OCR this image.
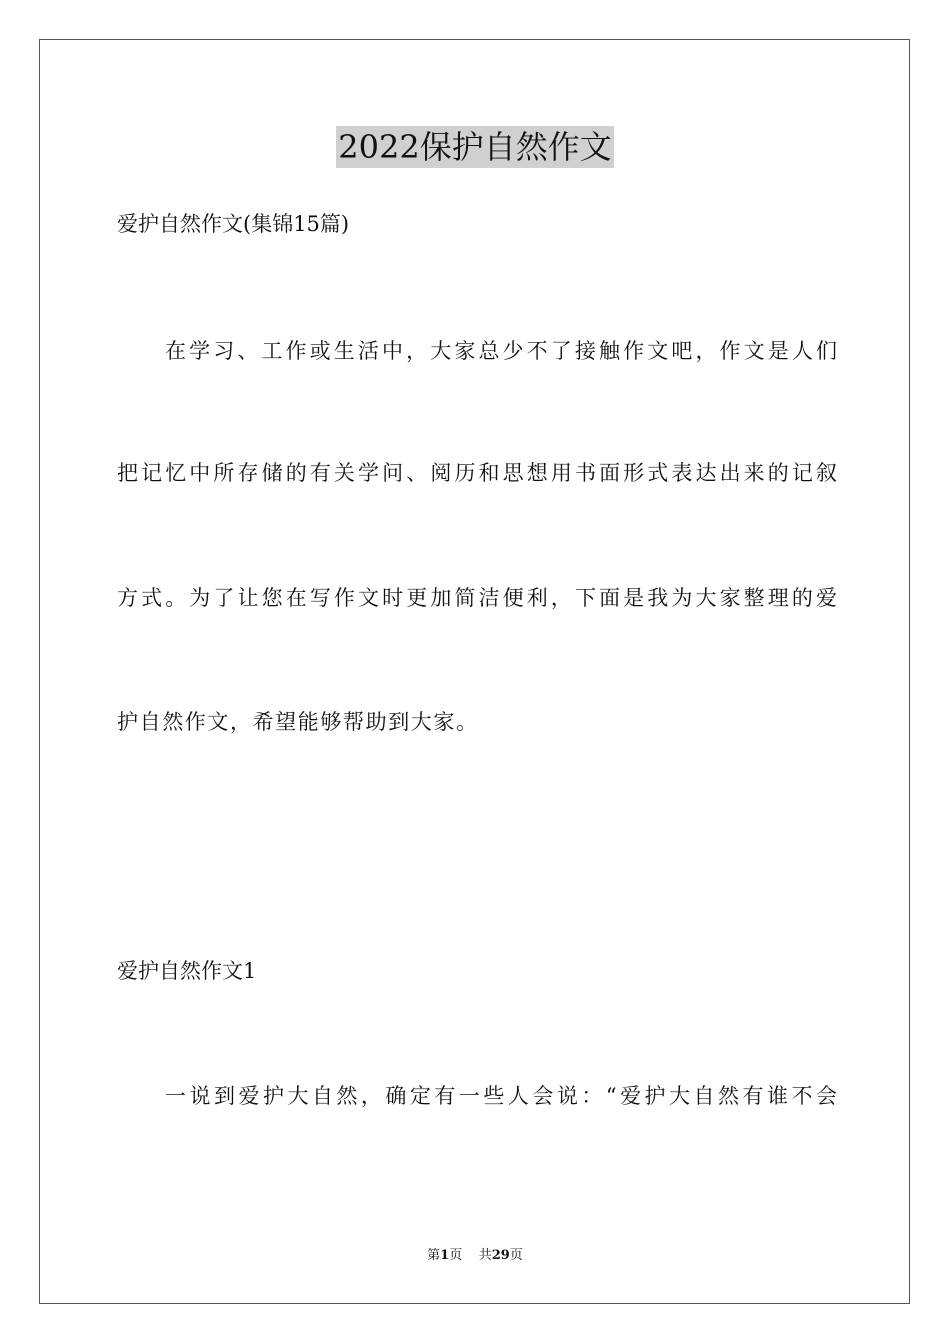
2022保护自然作文
爱护自然作文(集锦15篇)
在学习、工作或生活中，大家总少不了接触作文吧，作文是人们
把记忆中所存储的有关学问、阅历和思想用书面形式表达出来的记叙
方式。为了让您在写作文时更加简洁便利，下面是我为大家整理的爱
护自然作文，希望能够帮助到大家。
爱护自然作文1
一说到爱护大自然，确定有一些人会说：“爱护大自然有谁不会
第1页 共29页
